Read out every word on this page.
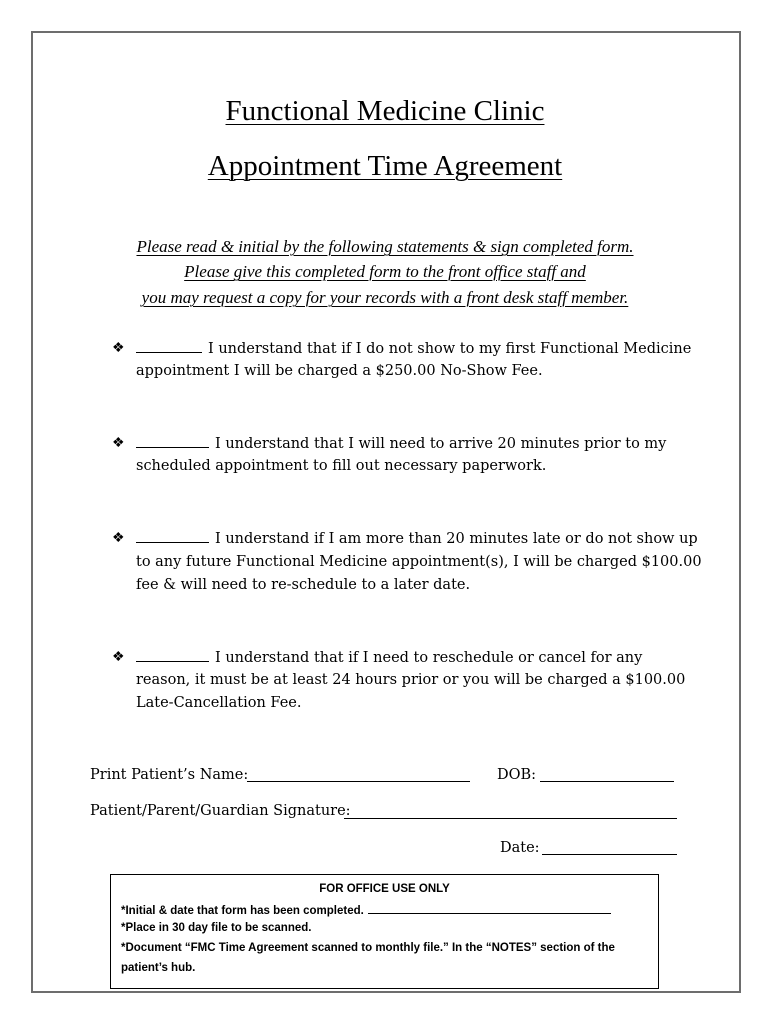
Functional Medicine Clinic
Appointment Time Agreement
Please read & initial by the following statements & sign completed form.
Please give this completed form to the front office staff and
you may request a copy for your records with a front desk staff member.
❖	I understand that if I do not show to my first Functional Medicine
appointment I will be charged a $250.00 No-Show Fee.
❖	I understand that I will need to arrive 20 minutes prior to my
scheduled appointment to fill out necessary paperwork.
❖	I understand if I am more than 20 minutes late or do not show up
to any future Functional Medicine appointment(s), I will be charged $100.00
fee & will need to re-schedule to a later date.
❖	I understand that if I need to reschedule or cancel for any
reason, it must be at least 24 hours prior or you will be charged a $100.00
Late-Cancellation Fee.
Print Patient’s Name:	DOB:
Patient/Parent/Guardian Signature:
Date:
FOR OFFICE USE ONLY
*Initial & date that form has been completed.
*Place in 30 day file to be scanned.
*Document “FMC Time Agreement scanned to monthly file.” In the “NOTES” section of the
patient’s hub.
